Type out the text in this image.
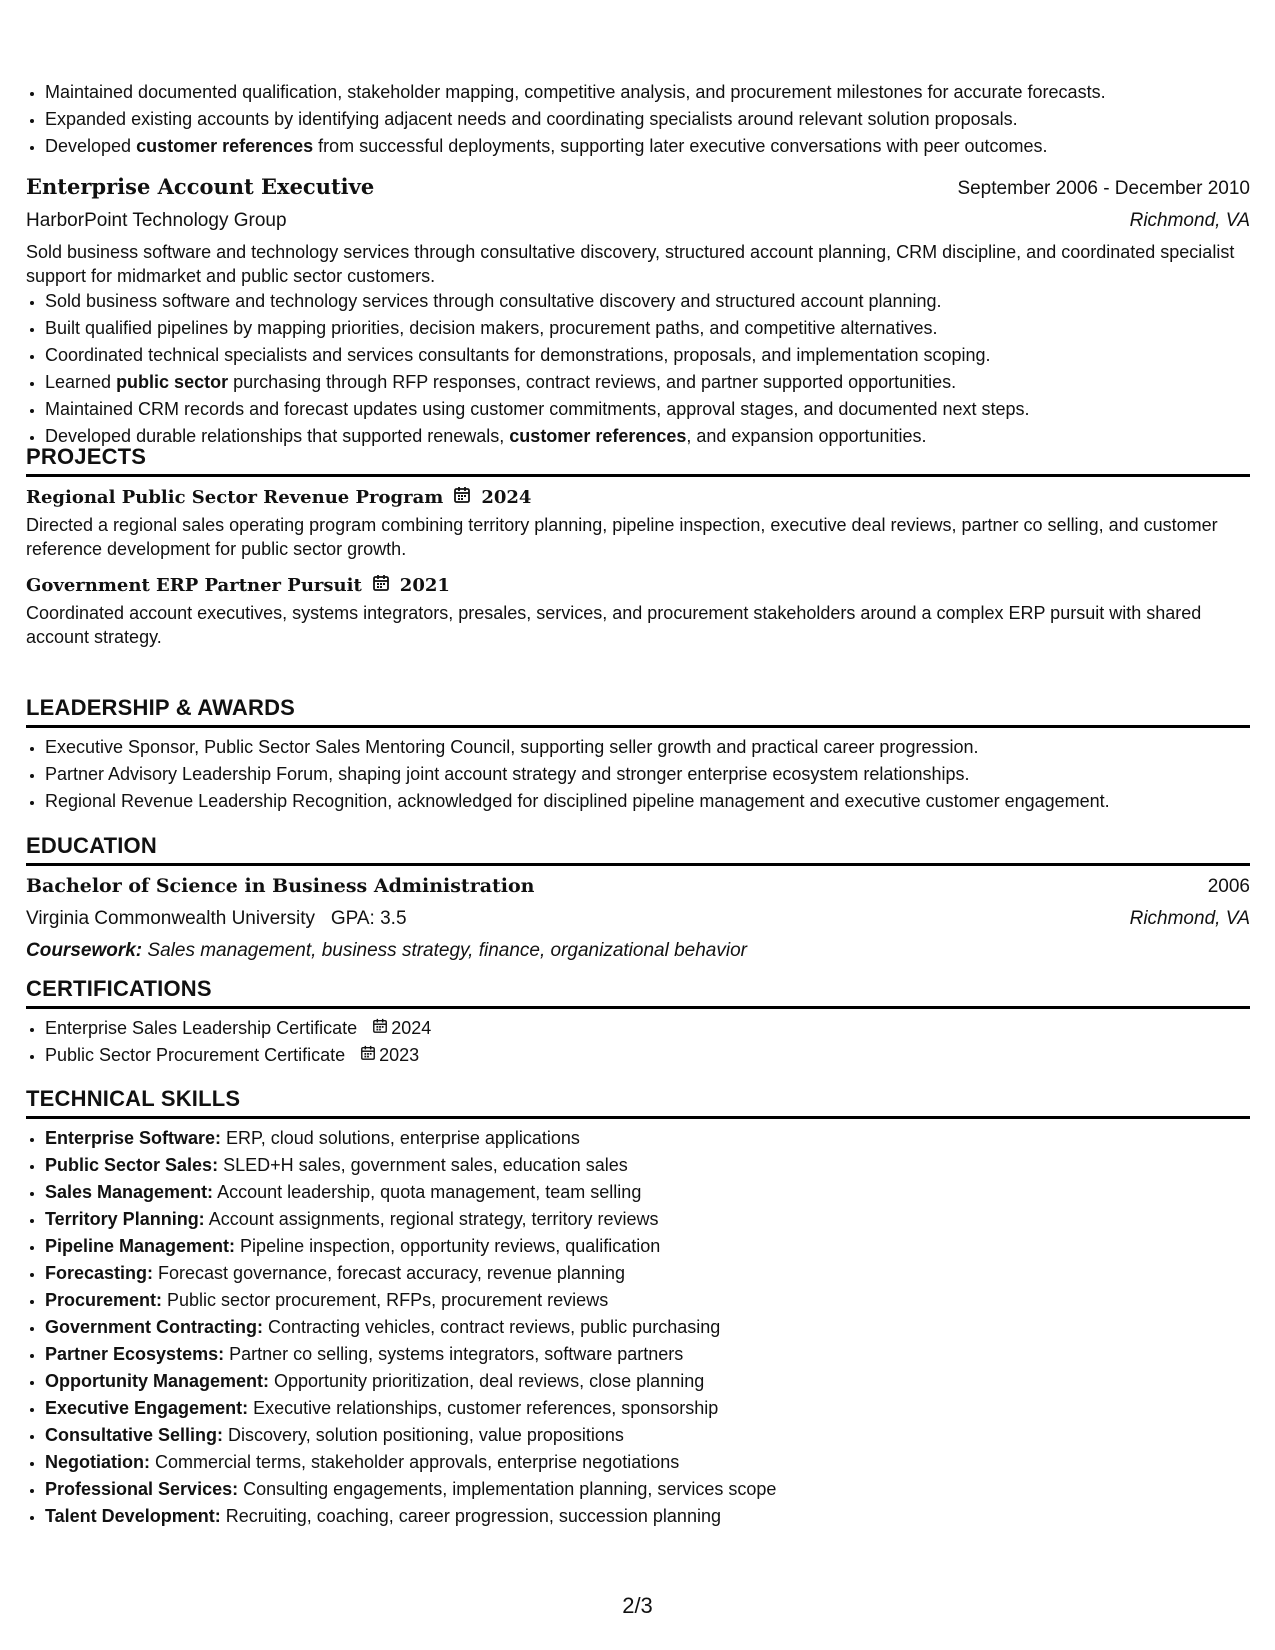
• Maintained documented qualification, stakeholder mapping, competitive analysis, and procurement milestones for accurate forecasts.
• Expanded existing accounts by identifying adjacent needs and coordinating specialists around relevant solution proposals.
• Developed customer references from successful deployments, supporting later executive conversations with peer outcomes.
Enterprise Account Executive	September 2006 - December 2010
HarborPoint Technology Group	Richmond, VA

Sold business software and technology services through consultative discovery, structured account planning, CRM discipline, and coordinated specialist support for midmarket and public sector customers.

• Sold business software and technology services through consultative discovery and structured account planning.
• Built qualified pipelines by mapping priorities, decision makers, procurement paths, and competitive alternatives.
• Coordinated technical specialists and services consultants for demonstrations, proposals, and implementation scoping.
• Learned public sector purchasing through RFP responses, contract reviews, and partner supported opportunities.
• Maintained CRM records and forecast updates using customer commitments, approval stages, and documented next steps.
• Developed durable relationships that supported renewals, customer references, and expansion opportunities.
PROJECTS
Regional Public Sector Revenue Program 2024

Directed a regional sales operating program combining territory planning, pipeline inspection, executive deal reviews, partner co selling, and customer reference development for public sector growth.

Government ERP Partner Pursuit 2021

Coordinated account executives, systems integrators, presales, services, and procurement stakeholders around a complex ERP pursuit with shared account strategy.

LEADERSHIP & AWARDS
• Executive Sponsor, Public Sector Sales Mentoring Council, supporting seller growth and practical career progression.
• Partner Advisory Leadership Forum, shaping joint account strategy and stronger enterprise ecosystem relationships.
• Regional Revenue Leadership Recognition, acknowledged for disciplined pipeline management and executive customer engagement.
EDUCATION
Bachelor of Science in Business Administration	2006
Virginia Commonwealth University GPA: 3.5	Richmond, VA
Coursework: Sales management, business strategy, finance, organizational behavior
CERTIFICATIONS
• Enterprise Sales Leadership Certificate 2024
• Public Sector Procurement Certificate 2023
TECHNICAL SKILLS
• Enterprise Software: ERP, cloud solutions, enterprise applications
• Public Sector Sales: SLED+H sales, government sales, education sales
• Sales Management: Account leadership, quota management, team selling
• Territory Planning: Account assignments, regional strategy, territory reviews
• Pipeline Management: Pipeline inspection, opportunity reviews, qualification
• Forecasting: Forecast governance, forecast accuracy, revenue planning
• Procurement: Public sector procurement, RFPs, procurement reviews
• Government Contracting: Contracting vehicles, contract reviews, public purchasing
• Partner Ecosystems: Partner co selling, systems integrators, software partners
• Opportunity Management: Opportunity prioritization, deal reviews, close planning
• Executive Engagement: Executive relationships, customer references, sponsorship
• Consultative Selling: Discovery, solution positioning, value propositions
• Negotiation: Commercial terms, stakeholder approvals, enterprise negotiations
• Professional Services: Consulting engagements, implementation planning, services scope
• Talent Development: Recruiting, coaching, career progression, succession planning
2/3
